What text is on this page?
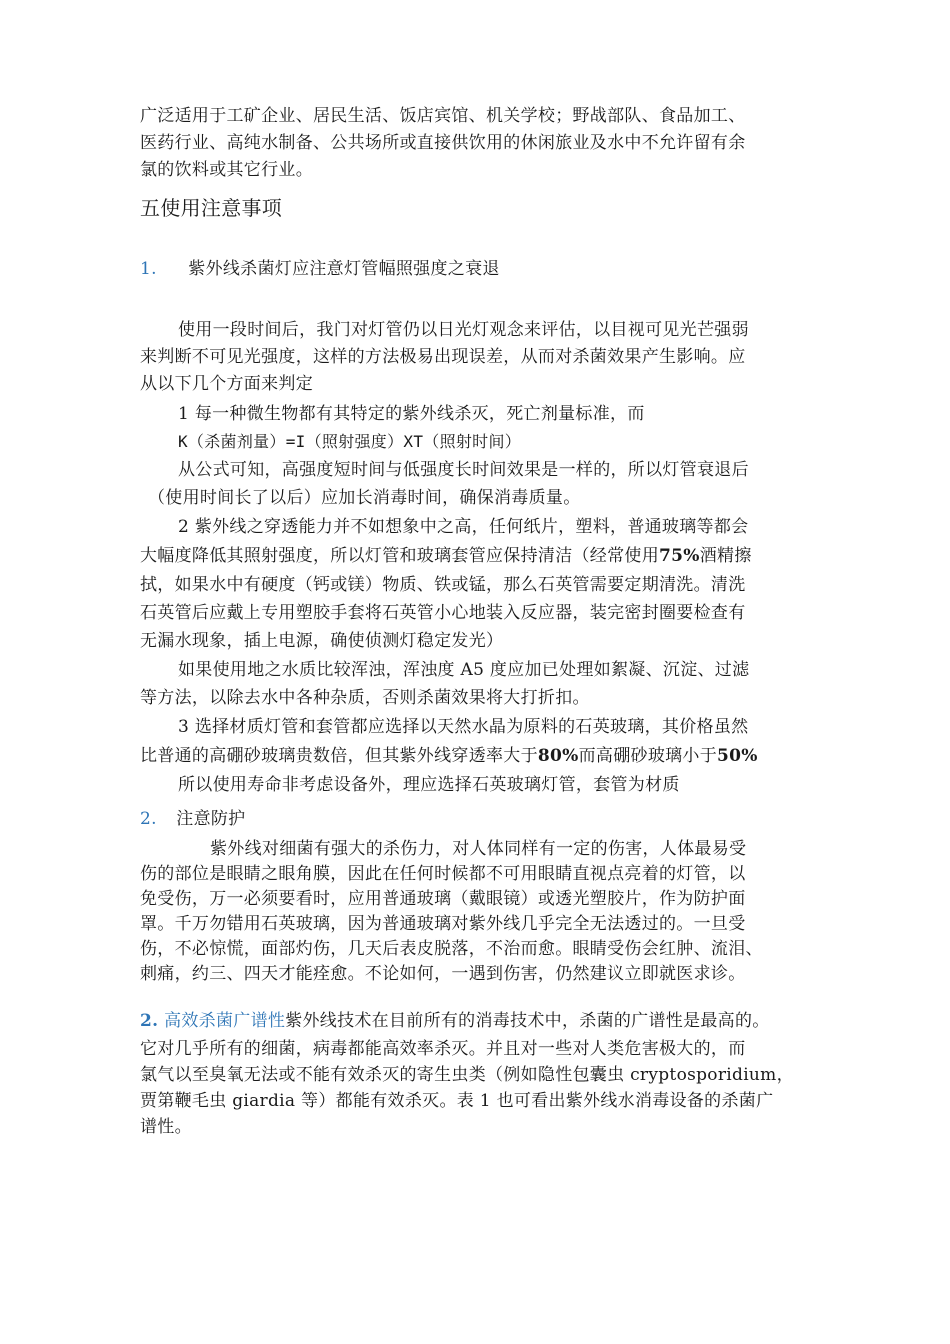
广泛适用于工矿企业、居民生活、饭店宾馆、机关学校；野战部队、食品加工、
医药行业、高纯水制备、公共场所或直接供饮用的休闲旅业及水中不允许留有余
氯的饮料或其它行业。
五使用注意事项
1. 紫外线杀菌灯应注意灯管幅照强度之衰退
使用一段时间后，我门对灯管仍以日光灯观念来评估，以目视可见光芒强弱
来判断不可见光强度，这样的方法极易出现误差，从而对杀菌效果产生影响。应
从以下几个方面来判定
1 每一种微生物都有其特定的紫外线杀灭，死亡剂量标准，而
K（杀菌剂量）=I（照射强度）XT（照射时间）
从公式可知，高强度短时间与低强度长时间效果是一样的，所以灯管衰退后
（使用时间长了以后）应加长消毒时间，确保消毒质量。
2 紫外线之穿透能力并不如想象中之高，任何纸片，塑料，普通玻璃等都会
大幅度降低其照射强度，所以灯管和玻璃套管应保持清洁（经常使用75%酒精擦
拭，如果水中有硬度（钙或镁）物质、铁或锰，那么石英管需要定期清洗。清洗
石英管后应戴上专用塑胶手套将石英管小心地装入反应器，装完密封圈要检查有
无漏水现象，插上电源，确使侦测灯稳定发光）
如果使用地之水质比较浑浊，浑浊度 A5 度应加已处理如絮凝、沉淀、过滤
等方法，以除去水中各种杂质，否则杀菌效果将大打折扣。
3 选择材质灯管和套管都应选择以天然水晶为原料的石英玻璃，其价格虽然
比普通的高硼砂玻璃贵数倍，但其紫外线穿透率大于80%而高硼砂玻璃小于50%
所以使用寿命非考虑设备外，理应选择石英玻璃灯管，套管为材质
2. 注意防护
紫外线对细菌有强大的杀伤力，对人体同样有一定的伤害，人体最易受
伤的部位是眼睛之眼角膜，因此在任何时候都不可用眼睛直视点亮着的灯管，以
免受伤，万一必须要看时，应用普通玻璃（戴眼镜）或透光塑胶片，作为防护面
罩。千万勿错用石英玻璃，因为普通玻璃对紫外线几乎完全无法透过的。一旦受
伤，不必惊慌，面部灼伤，几天后表皮脱落，不治而愈。眼睛受伤会红肿、流泪、
刺痛，约三、四天才能痊愈。不论如何，一遇到伤害，仍然建议立即就医求诊。
2. 高效杀菌广谱性紫外线技术在目前所有的消毒技术中，杀菌的广谱性是最高的。
它对几乎所有的细菌，病毒都能高效率杀灭。并且对一些对人类危害极大的，而
氯气以至臭氧无法或不能有效杀灭的寄生虫类（例如隐性包囊虫 cryptosporidium，
贾第鞭毛虫 giardia 等）都能有效杀灭。表 1 也可看出紫外线水消毒设备的杀菌广
谱性。
